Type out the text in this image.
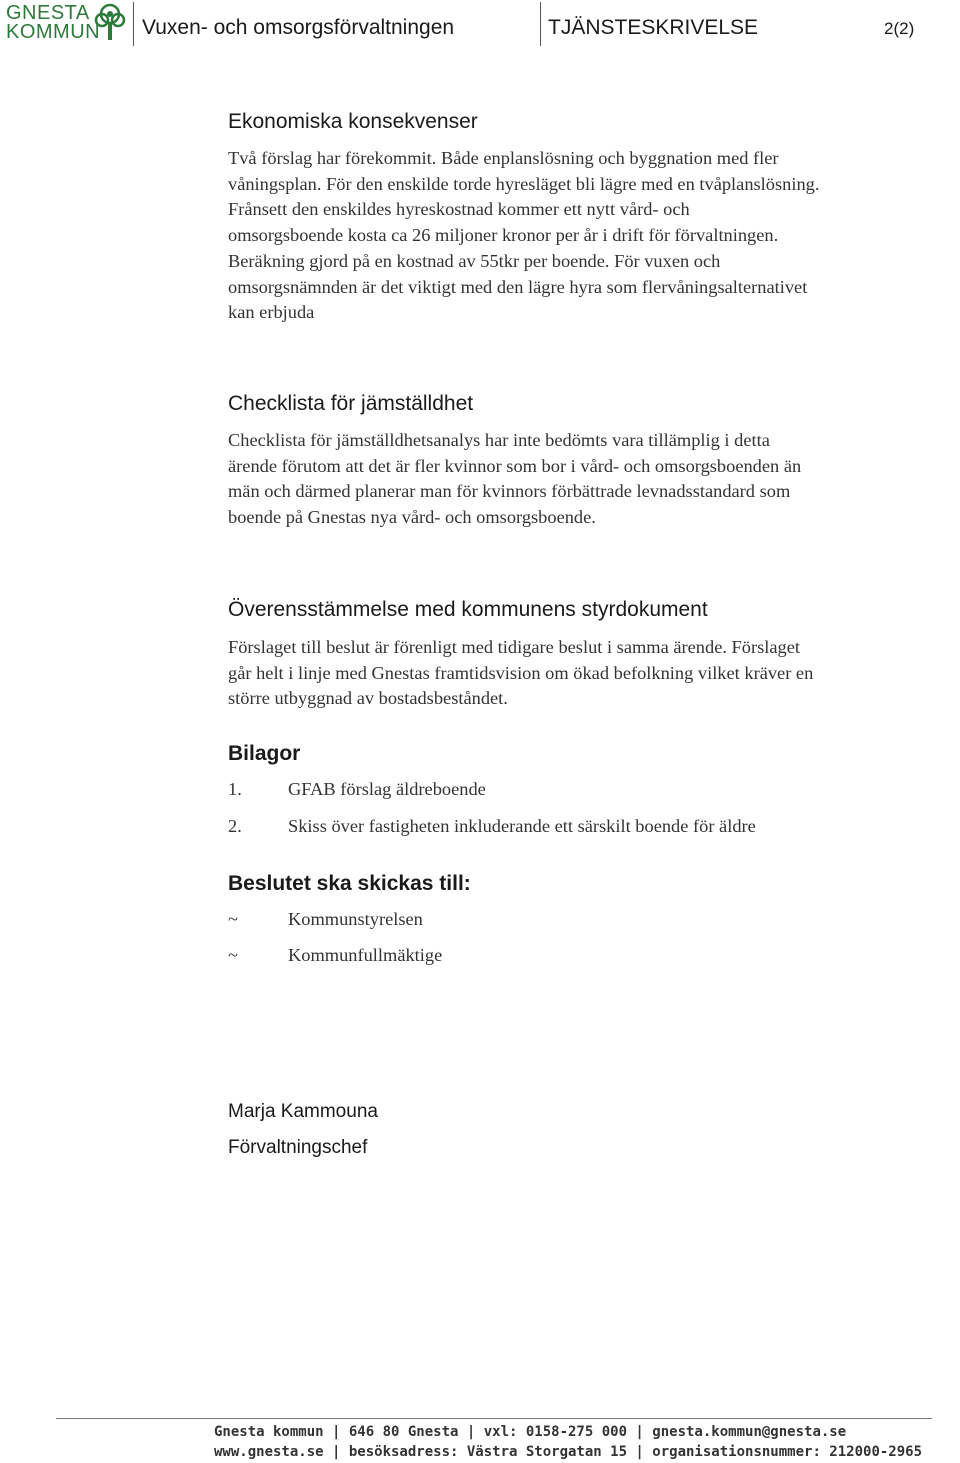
GNESTA
KOMMUN Vuxen- och omsorgsförvaltningen	TJÄNSTESKRIVELSE	2(2)
Ekonomiska konsekvenser
Två förslag har förekommit. Både enplanslösning och byggnation med fler
våningsplan. För den enskilde torde hyresläget bli lägre med en tvåplanslösning.
Frånsett den enskildes hyreskostnad kommer ett nytt vård- och
omsorgsboende kosta ca 26 miljoner kronor per år i drift för förvaltningen.
Beräkning gjord på en kostnad av 55tkr per boende. För vuxen och
omsorgsnämnden är det viktigt med den lägre hyra som flervåningsalternativet
kan erbjuda
Checklista för jämställdhet
Checklista för jämställdhetsanalys har inte bedömts vara tillämplig i detta
ärende förutom att det är fler kvinnor som bor i vård- och omsorgsboenden än
män och därmed planerar man för kvinnors förbättrade levnadsstandard som
boende på Gnestas nya vård- och omsorgsboende.
Överensstämmelse med kommunens styrdokument
Förslaget till beslut är förenligt med tidigare beslut i samma ärende. Förslaget
går helt i linje med Gnestas framtidsvision om ökad befolkning vilket kräver en
större utbyggnad av bostadsbeståndet.
Bilagor
1.	GFAB förslag äldreboende
2.	Skiss över fastigheten inkluderande ett särskilt boende för äldre
Beslutet ska skickas till:
~	Kommunstyrelsen
~	Kommunfullmäktige
Marja Kammouna
Förvaltningschef
Gnesta kommun | 646 80 Gnesta | vxl: 0158-275 000 | gnesta.kommun@gnesta.se
www.gnesta.se | besöksadress: Västra Storgatan 15 | organisationsnummer: 212000-2965
